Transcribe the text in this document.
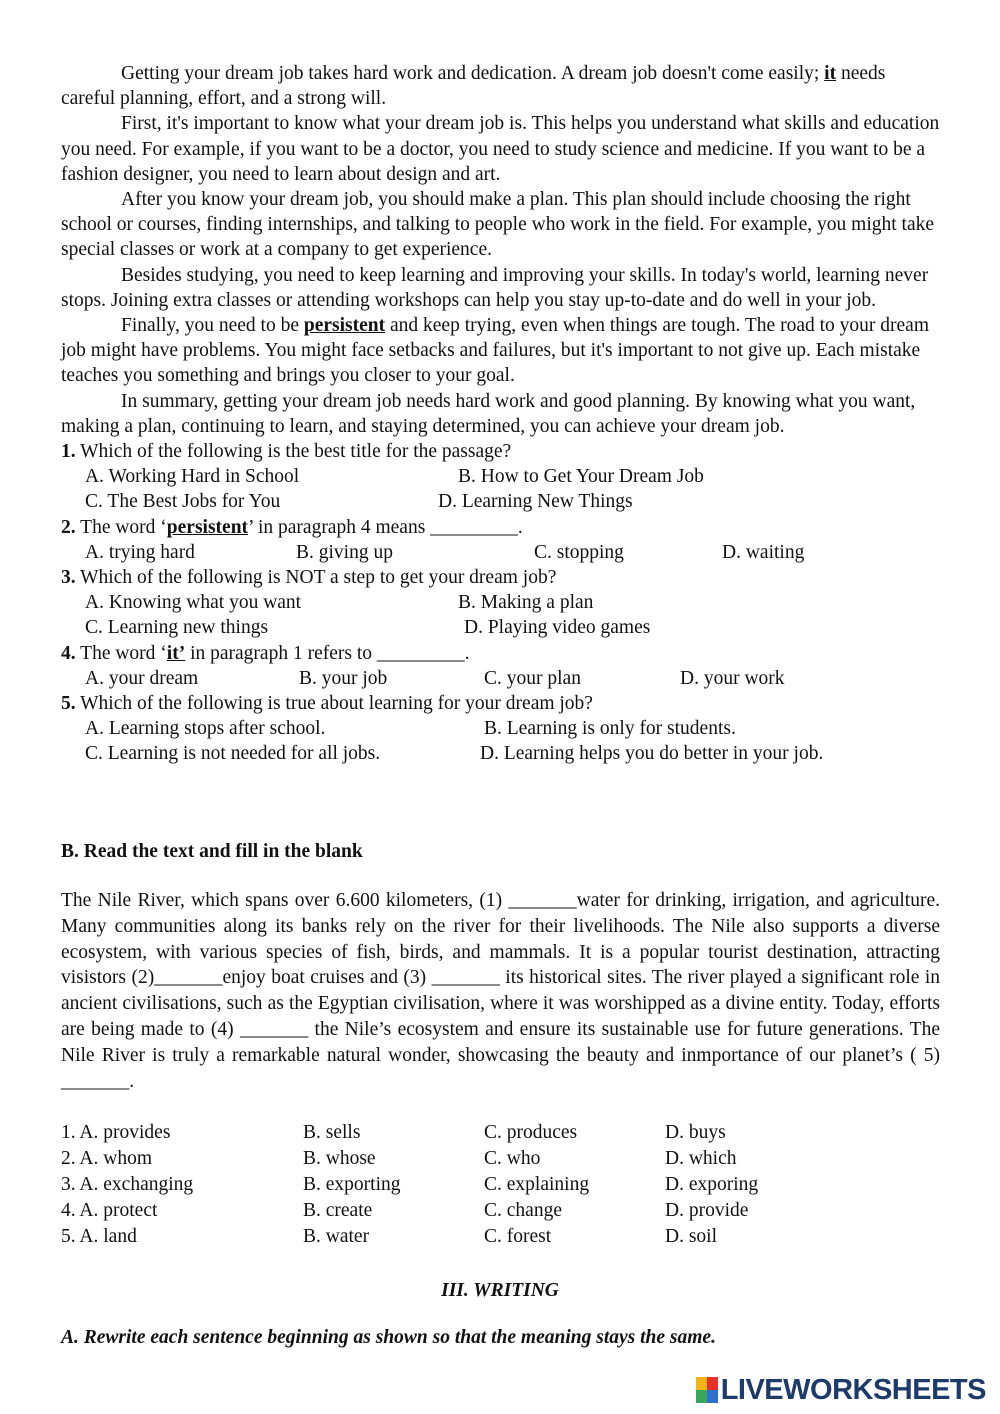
Getting your dream job takes hard work and dedication. A dream job doesn't come easily; it needs careful planning, effort, and a strong will.

First, it's important to know what your dream job is. This helps you understand what skills and education you need. For example, if you want to be a doctor, you need to study science and medicine. If you want to be a fashion designer, you need to learn about design and art.

After you know your dream job, you should make a plan. This plan should include choosing the right school or courses, finding internships, and talking to people who work in the field. For example, you might take special classes or work at a company to get experience.

Besides studying, you need to keep learning and improving your skills. In today's world, learning never stops. Joining extra classes or attending workshops can help you stay up-to-date and do well in your job.

Finally, you need to be persistent and keep trying, even when things are tough. The road to your dream job might have problems. You might face setbacks and failures, but it's important to not give up. Each mistake teaches you something and brings you closer to your goal.

In summary, getting your dream job needs hard work and good planning. By knowing what you want, making a plan, continuing to learn, and staying determined, you can achieve your dream job.

1. Which of the following is the best title for the passage?

A. Working Hard in School	B. How to Get Your Dream Job
C. The Best Jobs for You	D. Learning New Things

2. The word ‘persistent’ in paragraph 4 means _________.

A. trying hard	B. giving up	C. stopping	D. waiting

3. Which of the following is NOT a step to get your dream job?

A. Knowing what you want	B. Making a plan
C. Learning new things	D. Playing video games

4. The word ‘it’ in paragraph 1 refers to _________.

A. your dream	B. your job	C. your plan	D. your work

5. Which of the following is true about learning for your dream job?

A. Learning stops after school.	B. Learning is only for students.
C. Learning is not needed for all jobs.	D. Learning helps you do better in your job.
B. Read the text and fill in the blank

The Nile River, which spans over 6.600 kilometers, (1) _______water for drinking, irrigation, and agriculture. Many communities along its banks rely on the river for their livelihoods. The Nile also supports a diverse ecosystem, with various species of fish, birds, and mammals. It is a popular tourist destination, attracting visistors (2)_______enjoy boat cruises and (3) _______ its historical sites. The river played a significant role in ancient civilisations, such as the Egyptian civilisation, where it was worshipped as a divine entity. Today, efforts are being made to (4) _______ the Nile’s ecosystem and ensure its sustainable use for future generations. The Nile River is truly a remarkable natural wonder, showcasing the beauty and inmportance of our planet’s ( 5) _______.

1. A. provides	B. sells	C. produces	D. buys
2. A. whom	B. whose	C. who	D. which
3. A. exchanging	B. exporting	C. explaining	D. exporing
4. A. protect	B. create	C. change	D. provide
5. A. land	B. water	C. forest	D. soil
III. WRITING
A. Rewrite each sentence beginning as shown so that the meaning stays the same.
LIVEWORKSHEETS
